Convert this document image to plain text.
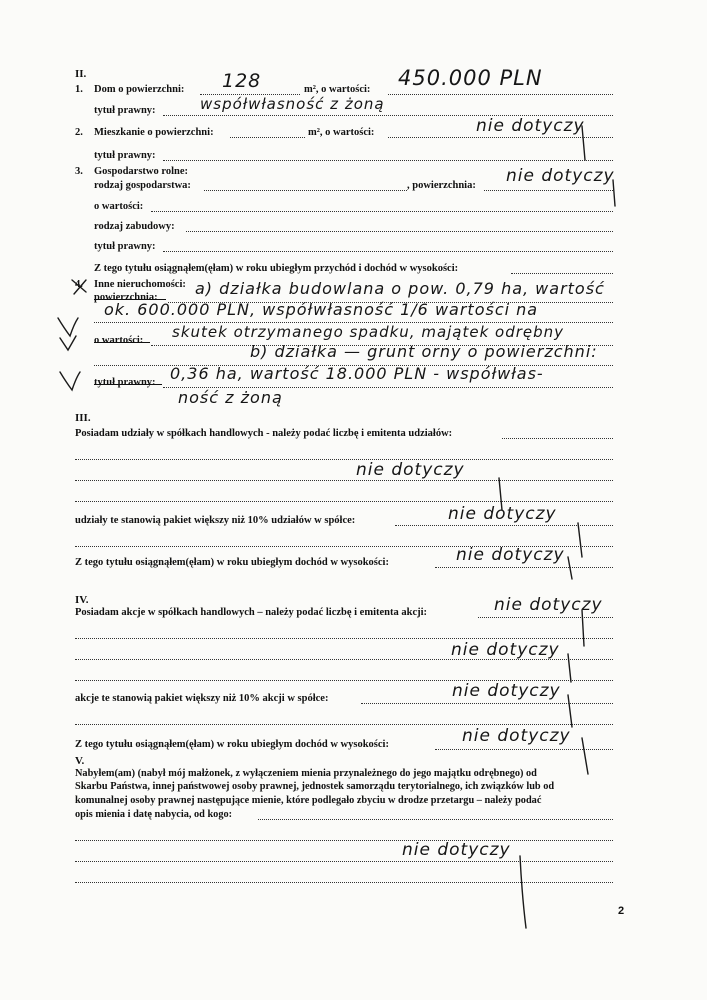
II.
1. Dom o powierzchni: 128	m², o wartości: 450.000 PLN
tytuł prawny:	współwłasność z żoną
2. Mieszkanie o powierzchni:	m², o wartości:	nie dotyczy
tytuł prawny:
3. Gospodarstwo rolne:
rodzaj gospodarstwa:	, powierzchnia: nie dotyczy
o wartości:
rodzaj zabudowy:
tytuł prawny:
Z tego tytułu osiągnąłem(ęłam) w roku ubiegłym przychód i dochód w wysokości:
4. Inne nieruchomości:
powierzchnia: a) działka budowlana o pow. 0,79 ha, wartość
ok. 600.000 PLN, współwłasność 1/6 wartości na
o wartości: skutek otrzymanego spadku, majątek odrębny
b) działka — grunt orny o powierzchni:
tytuł prawny: 0,36 ha, wartość 18.000 PLN - współwłas-
ność z żoną
III.
Posiadam udziały w spółkach handlowych - należy podać liczbę i emitenta udziałów:
nie dotyczy
udziały te stanowią pakiet większy niż 10% udziałów w spółce:	nie dotyczy
Z tego tytułu osiągnąłem(ęłam) w roku ubiegłym dochód w wysokości:	nie dotyczy
IV.
Posiadam akcje w spółkach handlowych – należy podać liczbę i emitenta akcji:	nie dotyczy
nie dotyczy
akcje te stanowią pakiet większy niż 10% akcji w spółce:	nie dotyczy
Z tego tytułu osiągnąłem(ęłam) w roku ubiegłym dochód w wysokości:	nie dotyczy
V.
Nabyłem(am) (nabył mój małżonek, z wyłączeniem mienia przynależnego do jego majątku odrębnego) od
Skarbu Państwa, innej państwowej osoby prawnej, jednostek samorządu terytorialnego, ich związków lub od
komunalnej osoby prawnej następujące mienie, które podlegało zbyciu w drodze przetargu – należy podać
opis mienia i datę nabycia, od kogo:
nie dotyczy
2
